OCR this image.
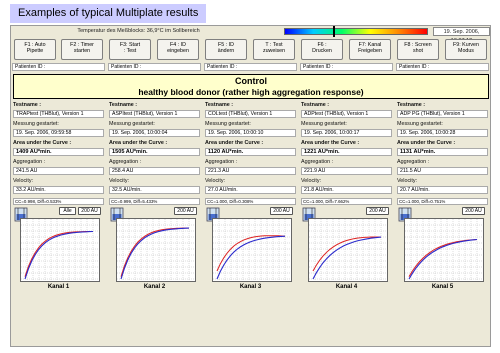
Examples of typical Multiplate results
Temperatur des Meßblocks: 36,9°C im Sollbereich	19. Sep. 2006,
F1 : Auto
Pipette
F2 : Timer
starten
F3: Start
: Test
F4 : ID
eingeben
F5 : ID
ändern
T : Test
zuweisen
F6 :
Drucken
F7: Kanal
Freigeben
F8 : Screen
shot
F9: Kurven
Modus
Patienten ID :	Patienten ID :	Patienten ID :	Patienten ID :	Patienten ID :
Control
healthy blood donor (rather high aggregation response)
Testname :
TRAPtest (THBlut), Version 1
Messung gestartet:
19. Sep. 2006, 09:59:58
Area under the Curve :
1409 AU*min.
Aggregation :
241.5 AU
Velocity:
33.2 AU/min.
CC=0.998, Diff=0.533%
Alle	200 AU
Kanal 1
Testname :
ASPItest (THBlut), Version 1
Messung gestartet:
19. Sep. 2006, 10:00:04
Area under the Curve :
1505 AU*min.
Aggregation :
258.4 AU
Velocity:
32.5 AU/min.
CC=0.999, Diff=5.433%
200 AU
Kanal 2
Testname :
COLtest (THBlut), Version 1
Messung gestartet:
19. Sep. 2006, 10:00:10
Area under the Curve :
1120 AU*min.
Aggregation :
221.3 AU
Velocity:
27.0 AU/min.
CC=1.000, Diff=0.308%
200 AU
Kanal 3
Testname :
ADPtest (THBlut), Version 1
Messung gestartet:
19. Sep. 2006, 10:00:17
Area under the Curve :
1221 AU*min.
Aggregation :
221.9 AU
Velocity:
21.8 AU/min.
CC=1.000, Diff=7.662%
200 AU
Kanal 4
Testname :
ADP PG (THBlut), Version 1
Messung gestartet:
19. Sep. 2006, 10:00:28
Area under the Curve :
1131 AU*min.
Aggregation :
211.5 AU
Velocity:
20.7 AU/min.
CC=1.000, Diff=0.751%
200 AU
Kanal 5
